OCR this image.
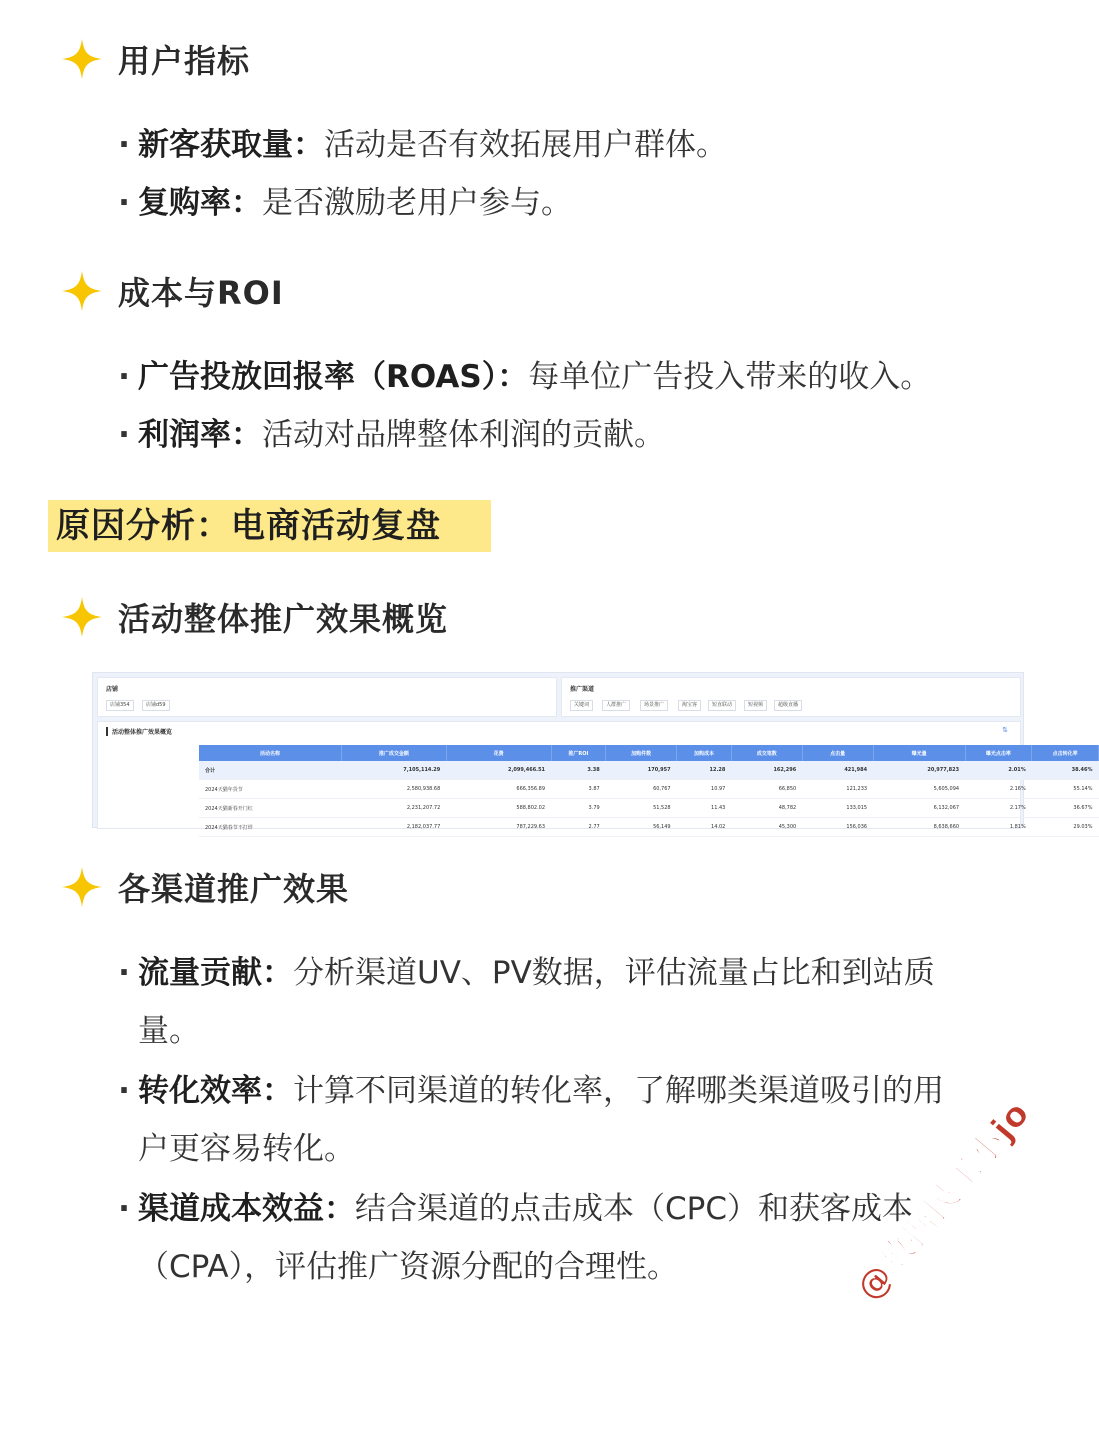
用户指标
· 新客获取量：活动是否有效拓展用户群体。
· 复购率：是否激励老用户参与。
成本与ROI
· 广告投放回报率（ROAS）：每单位广告投入带来的收入。
· 利润率：活动对品牌整体利润的贡献。
原因分析：电商活动复盘
活动整体推广效果概览
店铺
店铺354	店铺d59
推广渠道
关键词	人群推广	场景推广	淘宝客	短直联动	短视频	超级直播
活动整体推广效果概览	⇅
活动名称	推广成交金额	花费	推广ROI	加购件数	加购成本	成交笔数	点击量	曝光量	曝光点击率	点击转化率
合计	7,105,114.29	2,099,466.51	3.38	170,957	12.28	162,296	421,984	20,977,823	2.01%	38.46%
2024天猫年货节	2,580,938.68	666,356.89	3.87	60,767	10.97	66,850	121,233	5,605,094	2.16%	55.14%
2024天猫新春开门红	2,231,207.72	588,802.02	3.79	51,528	11.43	48,782	133,015	6,132,067	2.17%	36.67%
2024天猫春节不打烊	2,182,037.77	787,229.63	2.77	56,149	14.02	45,300	156,036	8,638,660	1.81%	29.03%
各渠道推广效果
· 流量贡献：分析渠道UV、PV数据，评估流量占比和到站质
量。
· 转化效率：计算不同渠道的转化率，了解哪类渠道吸引的用
户更容易转化。
· 渠道成本效益：结合渠道的点击成本（CPC）和获客成本
（CPA），评估推广资源分配的合理性。	@数据民工小jo
